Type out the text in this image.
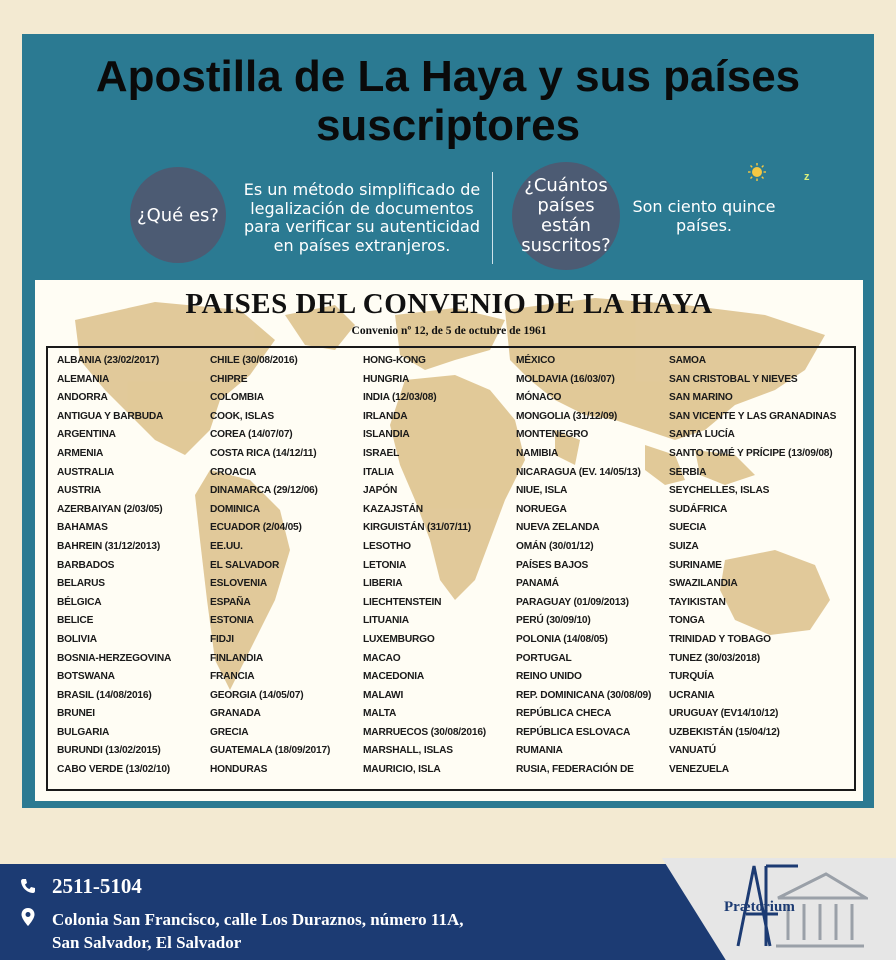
Apostilla de La Haya y sus países suscriptores
¿Qué es?
Es un método simplificado de legalización de documentos para verificar su autenticidad en países extranjeros.
¿Cuántos países están suscritos?
Son ciento quince países.
z
PAISES DEL CONVENIO DE LA HAYA
Convenio nº 12, de 5 de octubre de 1961
ALBANIA (23/02/2017)
ALEMANIA
ANDORRA
ANTIGUA Y BARBUDA
ARGENTINA
ARMENIA
AUSTRALIA
AUSTRIA
AZERBAIYAN (2/03/05)
BAHAMAS
BAHREIN (31/12/2013)
BARBADOS
BELARUS
BÉLGICA
BELICE
BOLIVIA
BOSNIA-HERZEGOVINA
BOTSWANA
BRASIL (14/08/2016)
BRUNEI
BULGARIA
BURUNDI (13/02/2015)
CABO VERDE (13/02/10)
CHILE (30/08/2016)
CHIPRE
COLOMBIA
COOK, ISLAS
COREA (14/07/07)
COSTA RICA (14/12/11)
CROACIA
DINAMARCA (29/12/06)
DOMINICA
ECUADOR (2/04/05)
EE.UU.
EL SALVADOR
ESLOVENIA
ESPAÑA
ESTONIA
FIDJI
FINLANDIA
FRANCIA
GEORGIA (14/05/07)
GRANADA
GRECIA
GUATEMALA (18/09/2017)
HONDURAS
HONG-KONG
HUNGRIA
INDIA (12/03/08)
IRLANDA
ISLANDIA
ISRAEL
ITALIA
JAPÓN
KAZAJSTÁN
KIRGUISTÁN (31/07/11)
LESOTHO
LETONIA
LIBERIA
LIECHTENSTEIN
LITUANIA
LUXEMBURGO
MACAO
MACEDONIA
MALAWI
MALTA
MARRUECOS (30/08/2016)
MARSHALL, ISLAS
MAURICIO, ISLA
MÉXICO
MOLDAVIA (16/03/07)
MÓNACO
MONGOLIA (31/12/09)
MONTENEGRO
NAMIBIA
NICARAGUA (EV. 14/05/13)
NIUE, ISLA
NORUEGA
NUEVA ZELANDA
OMÁN (30/01/12)
PAÍSES BAJOS
PANAMÁ
PARAGUAY (01/09/2013)
PERÚ (30/09/10)
POLONIA (14/08/05)
PORTUGAL
REINO UNIDO
REP. DOMINICANA (30/08/09)
REPÚBLICA CHECA
REPÚBLICA ESLOVACA
RUMANIA
RUSIA, FEDERACIÓN DE
SAMOA
SAN CRISTOBAL Y NIEVES
SAN MARINO
SAN VICENTE Y LAS GRANADINAS
SANTA LUCÍA
SANTO TOMÉ Y PRÍCIPE (13/09/08)
SERBIA
SEYCHELLES, ISLAS
SUDÁFRICA
SUECIA
SUIZA
SURINAME
SWAZILANDIA
TAYIKISTAN
TONGA
TRINIDAD Y TOBAGO
TUNEZ (30/03/2018)
TURQUÍA
UCRANIA
URUGUAY (EV14/10/12)
UZBEKISTÁN (15/04/12)
VANUATÚ
VENEZUELA
2511-5104
Colonia San Francisco, calle Los Duraznos, número 11A,
San Salvador, El Salvador
Prætorium
